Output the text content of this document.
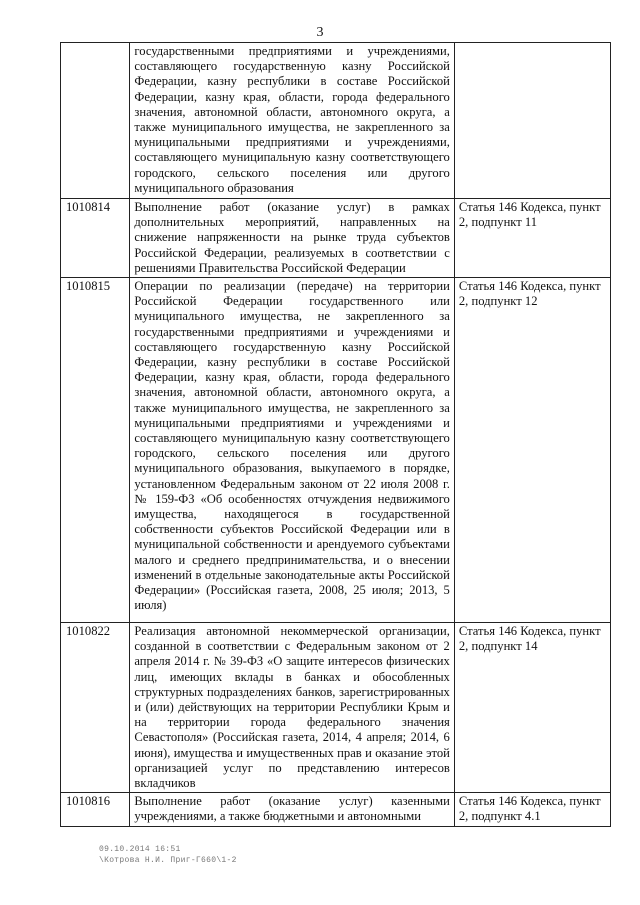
3
	государственными предприятиями и учреждениями, составляющего государственную казну Российской Федерации, казну республики в составе Российской Федерации, казну края, области, города федерального значения, автономной области, автономного округа, а также муниципального имущества, не закрепленного за муниципальными предприятиями и учреждениями, составляющего муниципальную казну соответствующего городского, сельского поселения или другого муниципального образования	
1010814	Выполнение работ (оказание услуг) в рамках дополнительных мероприятий, направленных на снижение напряженности на рынке труда субъектов Российской Федерации, реализуемых в соответствии с решениями Правительства Российской Федерации	Статья 146 Кодекса, пункт 2, подпункт 11
1010815	Операции по реализации (передаче) на территории Российской Федерации государственного или муниципального имущества, не закрепленного за государственными предприятиями и учреждениями и составляющего государственную казну Российской Федерации, казну республики в составе Российской Федерации, казну края, области, города федерального значения, автономной области, автономного округа, а также муниципального имущества, не закрепленного за муниципальными предприятиями и учреждениями и составляющего муниципальную казну соответствующего городского, сельского поселения или другого муниципального образования, выкупаемого в порядке, установленном Федеральным законом от 22 июля 2008 г. № 159-ФЗ «Об особенностях отчуждения недвижимого имущества, находящегося в государственной собственности субъектов Российской Федерации или в муниципальной собственности и арендуемого субъектами малого и среднего предпринимательства, и о внесении изменений в отдельные законодательные акты Российской Федерации» (Российская газета, 2008, 25 июля; 2013, 5 июля)	Статья 146 Кодекса, пункт 2, подпункт 12
1010822	Реализация автономной некоммерческой организации, созданной в соответствии с Федеральным законом от 2 апреля 2014 г. № 39-ФЗ «О защите интересов физических лиц, имеющих вклады в банках и обособленных структурных подразделениях банков, зарегистрированных и (или) действующих на территории Республики Крым и на территории города федерального значения Севастополя» (Российская газета, 2014, 4 апреля; 2014, 6 июня), имущества и имущественных прав и оказание этой организацией услуг по представлению интересов вкладчиков	Статья 146 Кодекса, пункт 2, подпункт 14
1010816	Выполнение работ (оказание услуг) казенными учреждениями, а также бюджетными и автономными	Статья 146 Кодекса, пункт 2, подпункт 4.1
09.10.2014 16:51
\Котрова Н.И. Приг-Г660\1-2
